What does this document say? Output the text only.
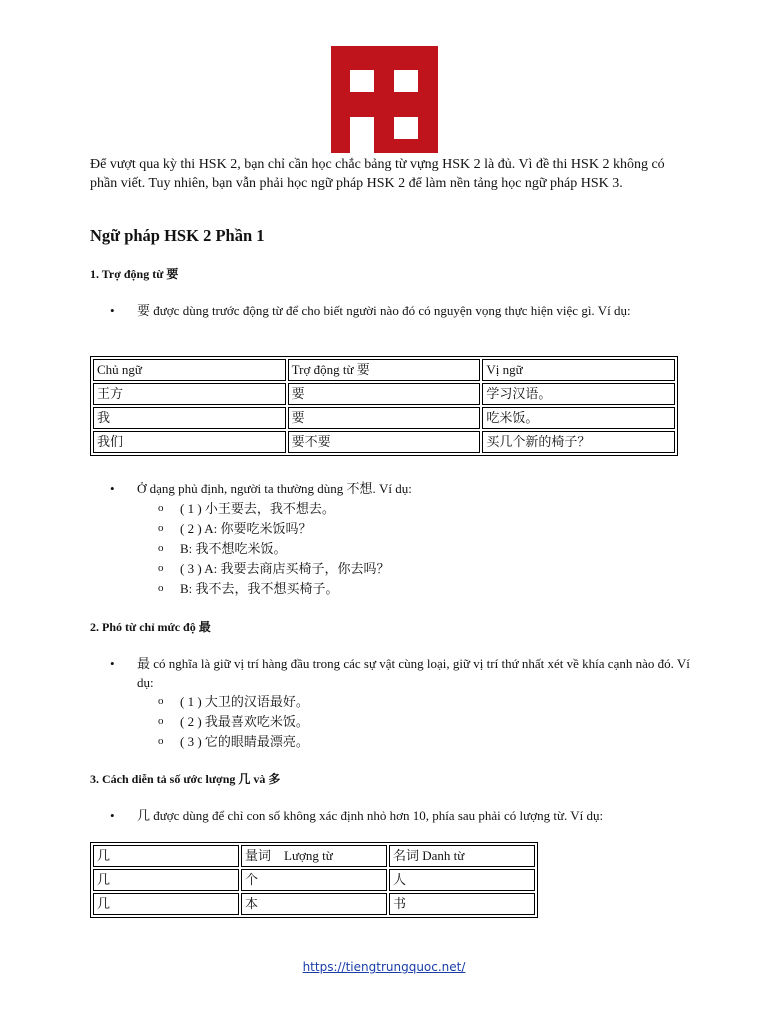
Để vượt qua kỳ thi HSK 2, bạn chỉ cần học chắc bảng từ vựng HSK 2 là đủ. Vì đề thi HSK 2 không có phần viết. Tuy nhiên, bạn vẫn phải học ngữ pháp HSK 2 để làm nền tảng học ngữ pháp HSK 3.
Ngữ pháp HSK 2 Phần 1
1. Trợ động từ 要
• 要 được dùng trước động từ để cho biết người nào đó có nguyện vọng thực hiện việc gì. Ví dụ:
Chủ ngữ	Trợ động từ 要	Vị ngữ
王方	要	学习汉语。
我	要	吃米饭。
我们	要不要	买几个新的椅子？
• Ở dạng phủ định, người ta thường dùng 不想. Ví dụ:
o ( 1 ) 小王要去，我不想去。
o ( 2 ) A: 你要吃米饭吗？
o B: 我不想吃米饭。
o ( 3 ) A: 我要去商店买椅子，你去吗？
o B: 我不去，我不想买椅子。
2. Phó từ chỉ mức độ 最
• 最 có nghĩa là giữ vị trí hàng đầu trong các sự vật cùng loại, giữ vị trí thứ nhất xét về khía cạnh nào đó. Ví dụ:
o ( 1 ) 大卫的汉语最好。
o ( 2 ) 我最喜欢吃米饭。
o ( 3 ) 它的眼睛最漂亮。
3. Cách diễn tả số ước lượng 几 và 多
• 几 được dùng để chỉ con số không xác định nhỏ hơn 10, phía sau phải có lượng từ. Ví dụ:
几	量词　Lượng từ	名词 Danh từ
几	个	人
几	本	书
https://tiengtrungquoc.net/
